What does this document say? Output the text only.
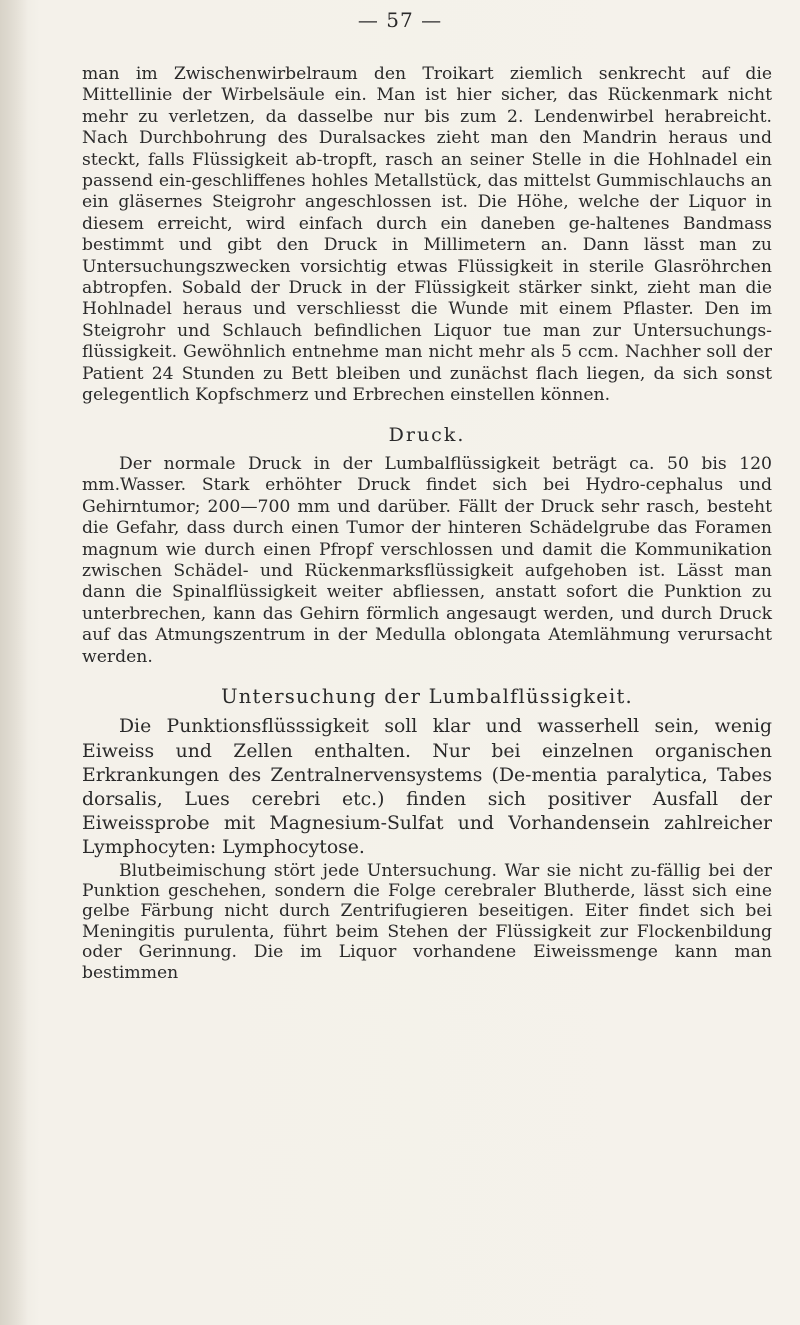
— 57 —

man im Zwischenwirbelraum den Troikart ziemlich senkrecht auf die Mittellinie der Wirbelsäule ein. Man ist hier sicher, das Rückenmark nicht mehr zu verletzen, da dasselbe nur bis zum 2. Lendenwirbel herabreicht. Nach Durchbohrung des Duralsackes zieht man den Mandrin heraus und steckt, falls Flüssigkeit ab-tropft, rasch an seiner Stelle in die Hohlnadel ein passend ein-geschliffenes hohles Metallstück, das mittelst Gummischlauchs an ein gläsernes Steigrohr angeschlossen ist. Die Höhe, welche der Liquor in diesem erreicht, wird einfach durch ein daneben ge-haltenes Bandmass bestimmt und gibt den Druck in Millimetern an. Dann lässt man zu Untersuchungszwecken vorsichtig etwas Flüssigkeit in sterile Glasröhrchen abtropfen. Sobald der Druck in der Flüssigkeit stärker sinkt, zieht man die Hohlnadel heraus und verschliesst die Wunde mit einem Pflaster. Den im Steigrohr und Schlauch befindlichen Liquor tue man zur Untersuchungs-flüssigkeit. Gewöhnlich entnehme man nicht mehr als 5 ccm. Nachher soll der Patient 24 Stunden zu Bett bleiben und zunächst flach liegen, da sich sonst gelegentlich Kopfschmerz und Erbrechen einstellen können.

Druck.

Der normale Druck in der Lumbalflüssigkeit beträgt ca. 50 bis 120 mm.Wasser. Stark erhöhter Druck findet sich bei Hydro-cephalus und Gehirntumor; 200—700 mm und darüber. Fällt der Druck sehr rasch, besteht die Gefahr, dass durch einen Tumor der hinteren Schädelgrube das Foramen magnum wie durch einen Pfropf verschlossen und damit die Kommunikation zwischen Schädel- und Rückenmarksflüssigkeit aufgehoben ist. Lässt man dann die Spinalflüssigkeit weiter abfliessen, anstatt sofort die Punktion zu unterbrechen, kann das Gehirn förmlich angesaugt werden, und durch Druck auf das Atmungszentrum in der Medulla oblongata Atemlähmung verursacht werden.

Untersuchung der Lumbalflüssigkeit.

Die Punktionsflüsssigkeit soll klar und wasserhell sein, wenig Eiweiss und Zellen enthalten. Nur bei einzelnen organischen Erkrankungen des Zentralnervensystems (De-mentia paralytica, Tabes dorsalis, Lues cerebri etc.) finden sich positiver Ausfall der Eiweissprobe mit Magnesium-Sulfat und Vorhandensein zahlreicher Lymphocyten: Lymphocytose.

Blutbeimischung stört jede Untersuchung. War sie nicht zu-fällig bei der Punktion geschehen, sondern die Folge cerebraler Blutherde, lässt sich eine gelbe Färbung nicht durch Zentrifugieren beseitigen. Eiter findet sich bei Meningitis purulenta, führt beim Stehen der Flüssigkeit zur Flockenbildung oder Gerinnung. Die im Liquor vorhandene Eiweissmenge kann man bestimmen
